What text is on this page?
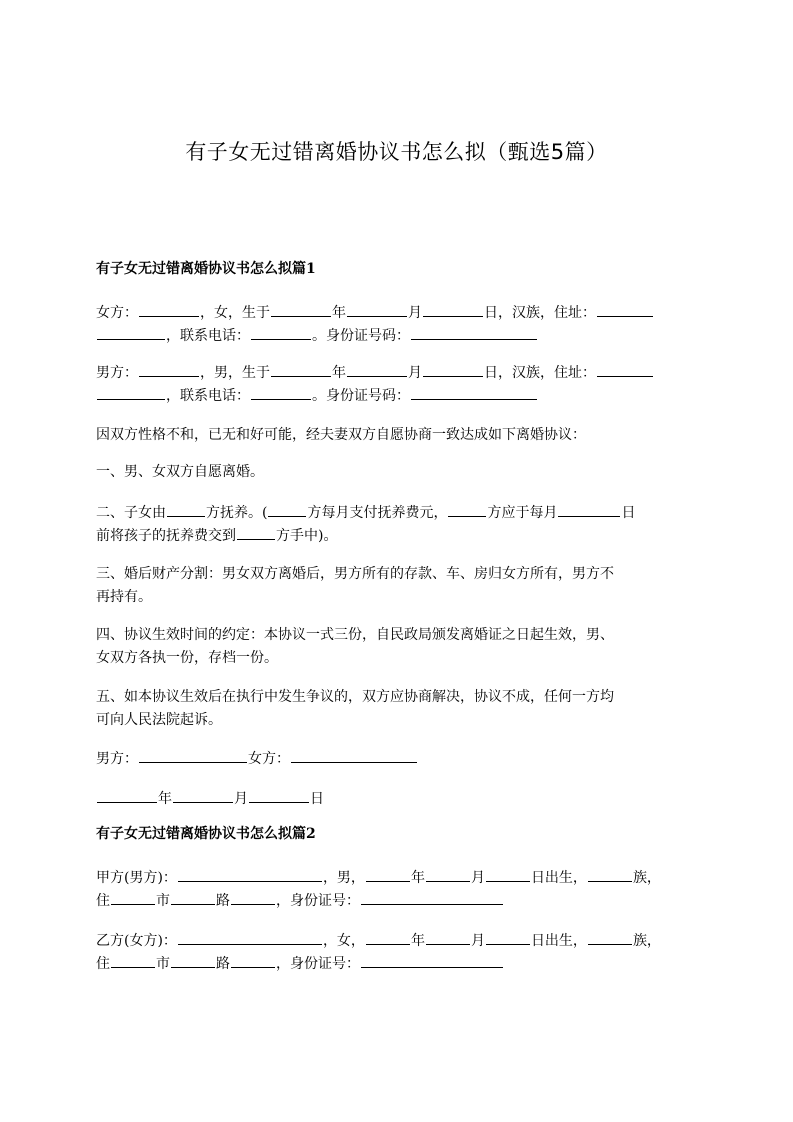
有子女无过错离婚协议书怎么拟（甄选5篇）
有子女无过错离婚协议书怎么拟篇1
女方：	，女，生于	年	月	日，汉族，住址：
，联系电话：	。身份证号码：
男方：	，男，生于	年	月	日，汉族，住址：
，联系电话：	。身份证号码：
因双方性格不和，已无和好可能，经夫妻双方自愿协商一致达成如下离婚协议：
一、男、女双方自愿离婚。
二、子女由	方抚养。(	方每月支付抚养费元，	方应于每月	日
前将孩子的抚养费交到	方手中)。
三、婚后财产分割：男女双方离婚后，男方所有的存款、车、房归女方所有，男方不
再持有。
四、协议生效时间的约定：本协议一式三份，自民政局颁发离婚证之日起生效，男、
女双方各执一份，存档一份。
五、如本协议生效后在执行中发生争议的，双方应协商解决，协议不成，任何一方均
可向人民法院起诉。
男方：	女方：
年	月	日
有子女无过错离婚协议书怎么拟篇2
甲方(男方)：	，男，	年	月	日出生，	族，
住	市	路	，身份证号：
乙方(女方)：	，女，	年	月	日出生，	族，
住	市	路	，身份证号：
